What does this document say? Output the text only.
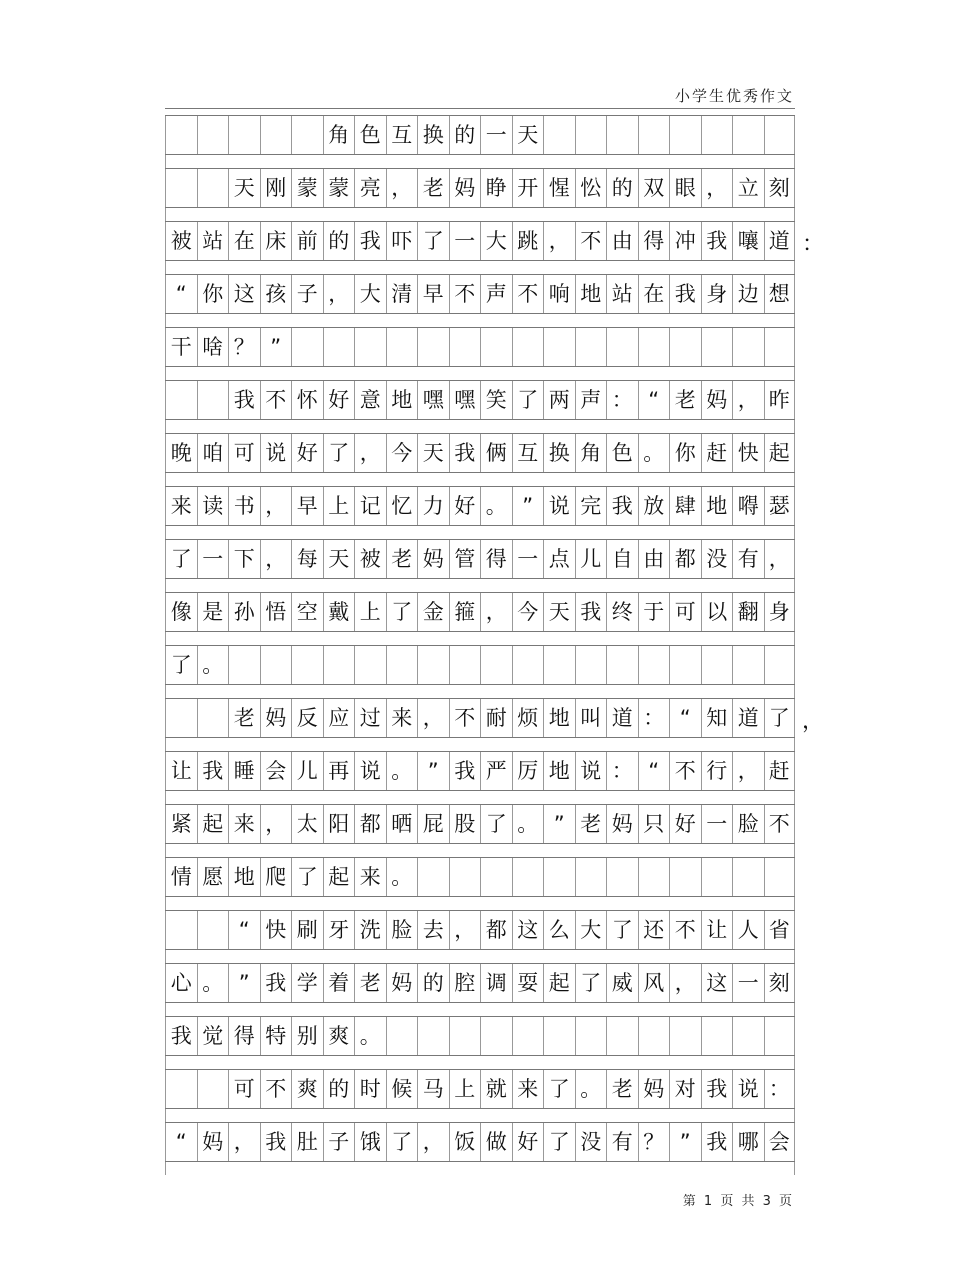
小学生优秀作文
角 色 互 换 的 一 天
天 刚 蒙 蒙 亮 ， 老 妈 睁 开 惺 忪 的 双 眼 ， 立 刻
被 站 在 床 前 的 我 吓 了 一 大 跳 ， 不 由 得 冲 我 嚷 道 ：
“ 你 这 孩 子 ， 大 清 早 不 声 不 响 地 站 在 我 身 边 想
干 啥 ？ ”
我 不 怀 好 意 地 嘿 嘿 笑 了 两 声 ： “ 老 妈 ， 昨
晚 咱 可 说 好 了 ， 今 天 我 俩 互 换 角 色 。 你 赶 快 起
来 读 书 ， 早 上 记 忆 力 好 。 ” 说 完 我 放 肆 地 嘚 瑟
了 一 下 ， 每 天 被 老 妈 管 得 一 点 儿 自 由 都 没 有 ，
像 是 孙 悟 空 戴 上 了 金 箍 ， 今 天 我 终 于 可 以 翻 身
了 。
老 妈 反 应 过 来 ， 不 耐 烦 地 叫 道 ： “ 知 道 了 ，
让 我 睡 会 儿 再 说 。 ” 我 严 厉 地 说 ： “ 不 行 ， 赶
紧 起 来 ， 太 阳 都 晒 屁 股 了 。 ” 老 妈 只 好 一 脸 不
情 愿 地 爬 了 起 来 。
“ 快 刷 牙 洗 脸 去 ， 都 这 么 大 了 还 不 让 人 省
心 。 ” 我 学 着 老 妈 的 腔 调 耍 起 了 威 风 ， 这 一 刻
我 觉 得 特 别 爽 。
可 不 爽 的 时 候 马 上 就 来 了 。 老 妈 对 我 说 ：
“ 妈 ， 我 肚 子 饿 了 ， 饭 做 好 了 没 有 ？ ” 我 哪 会
第 1 页 共 3 页
